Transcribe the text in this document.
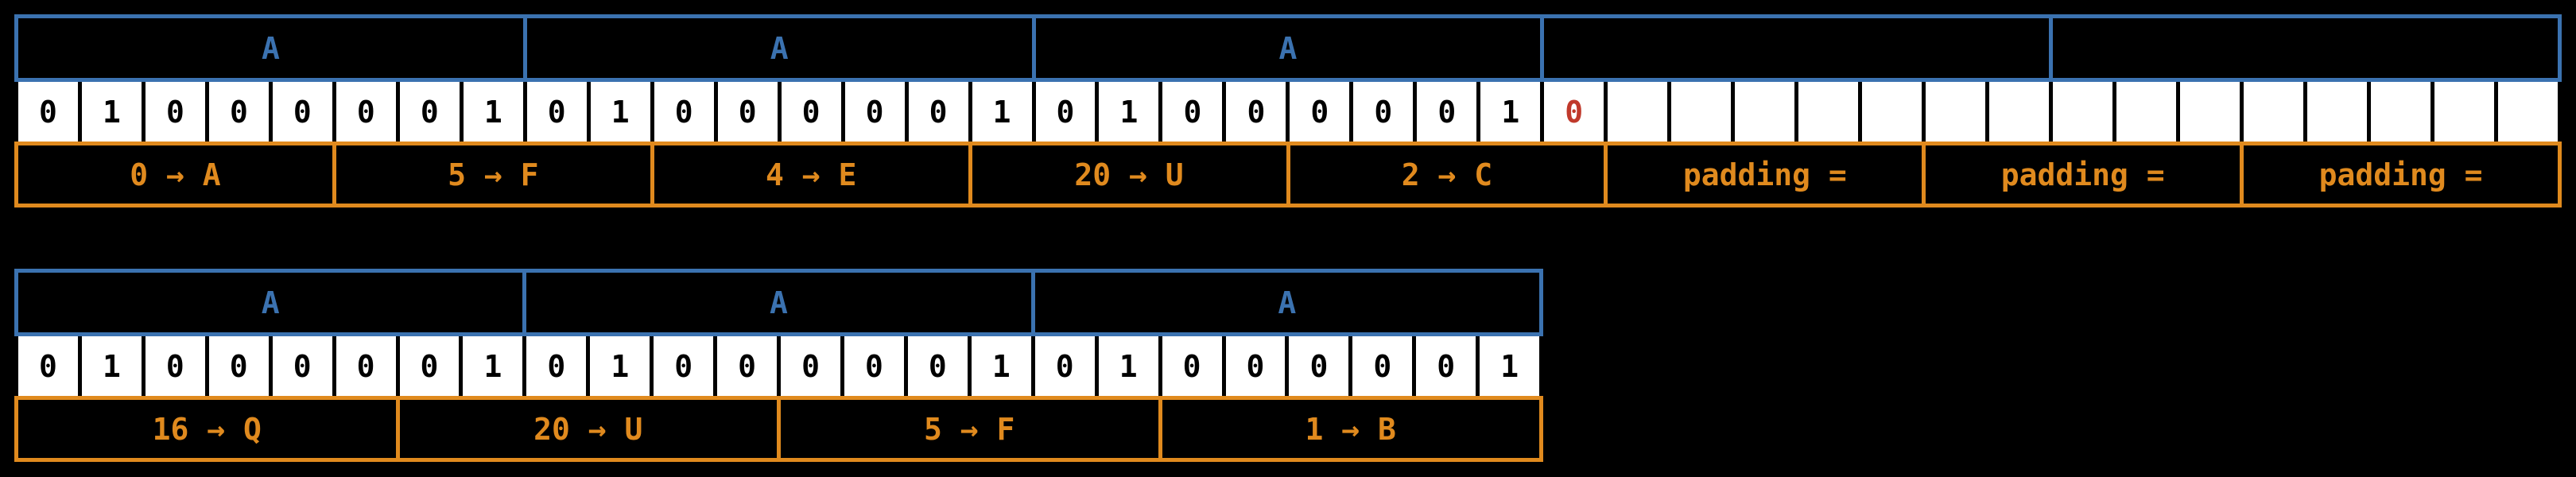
A	A	A
0	1	0	0	0	0	0	1	0	1	0	0	0	0	0	1	0	1	0	0	0	0	0	1	0
0 → A	5 → F	4 → E	20 → U	2 → C	padding =	padding =	padding =
A	A	A
0	1	0	0	0	0	0	1	0	1	0	0	0	0	0	1	0	1	0	0	0	0	0	1
16 → Q	20 → U	5 → F	1 → B
